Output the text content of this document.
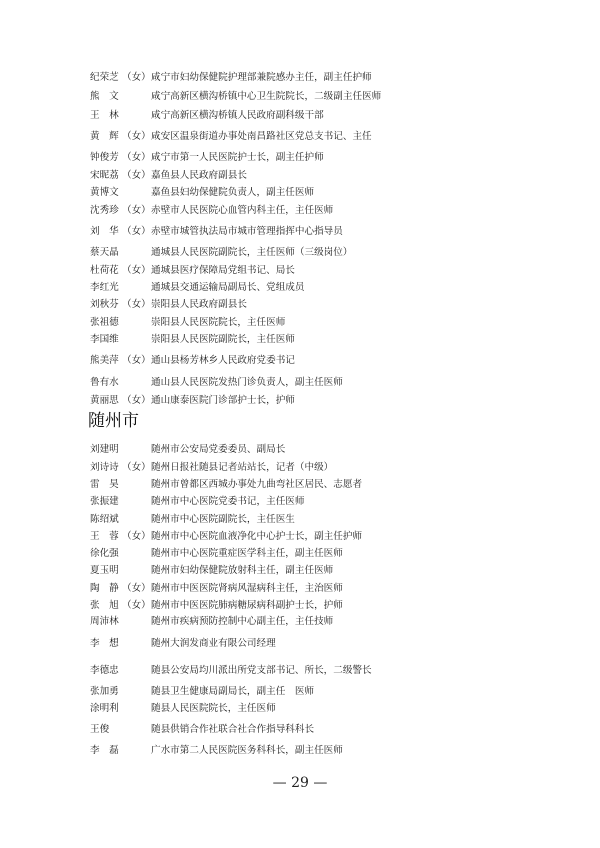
纪荣芝 （女） 咸宁市妇幼保健院护理部兼院感办主任，副主任护师
熊　文	咸宁高新区横沟桥镇中心卫生院院长，二级副主任医师
王　林	咸宁高新区横沟桥镇人民政府副科级干部
黄　辉 （女） 咸安区温泉街道办事处南昌路社区党总支书记、主任
钟俊芳 （女） 咸宁市第一人民医院护士长，副主任护师
宋昵荔 （女） 嘉鱼县人民政府副县长
黄博文	嘉鱼县妇幼保健院负责人，副主任医师
沈秀珍 （女） 赤壁市人民医院心血管内科主任，主任医师
刘　华 （女） 赤壁市城管执法局市城市管理指挥中心指导员
蔡天晶	通城县人民医院副院长，主任医师（三级岗位）
杜荷花 （女） 通城县医疗保障局党组书记、局长
李红光	通城县交通运输局副局长、党组成员
刘秋芬 （女） 崇阳县人民政府副县长
张祖德	崇阳县人民医院院长，主任医师
李国维	崇阳县人民医院副院长，主任医师
熊美萍 （女） 通山县杨芳林乡人民政府党委书记
鲁有水	通山县人民医院发热门诊负责人，副主任医师
黄丽思 （女） 通山康泰医院门诊部护士长，护师
随州市
刘建明	随州市公安局党委委员、副局长
刘诗诗 （女） 随州日报社随县记者站站长，记者（中级）
雷　昊	随州市曾都区西城办事处九曲弯社区居民、志愿者
张振建	随州市中心医院党委书记，主任医师
陈绍斌	随州市中心医院副院长，主任医生
王　蓉 （女） 随州市中心医院血液净化中心护士长，副主任护师
徐化强	随州市中心医院重症医学科主任，副主任医师
夏玉明	随州市妇幼保健院放射科主任，副主任医师
陶　静 （女） 随州市中医医院肾病风湿病科主任，主治医师
张　旭 （女） 随州市中医医院肺病糖尿病科副护士长，护师
周沛林	随州市疾病预防控制中心副主任，主任技师
李　想	随州大润发商业有限公司经理
李德忠	随县公安局均川派出所党支部书记、所长，二级警长
张加勇	随县卫生健康局副局长，副主任　医师
涂明利	随县人民医院院长，主任医师
王俊	随县供销合作社联合社合作指导科科长
李　磊	广水市第二人民医院医务科科长，副主任医师
— 29 —
